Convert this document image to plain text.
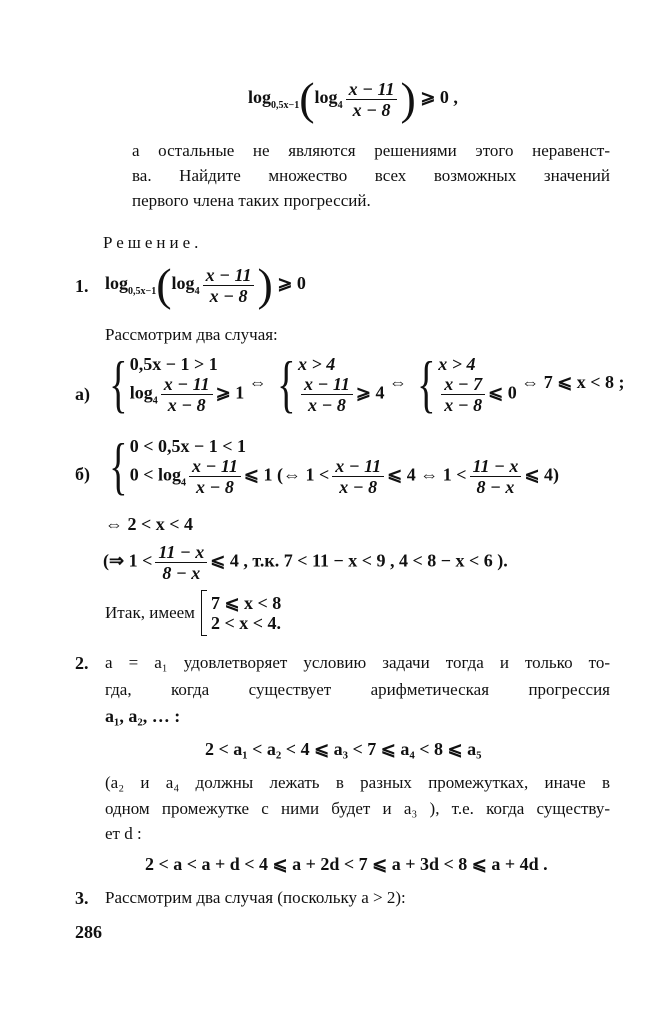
$\log_{0,5x-1}(\log_4 \frac{x - 11}{x - 8}$ ) ⩾ 0 ,
а остальные не являются решениями этого неравенст-
ва. Найдите множество всех возможных значений
первого члена таких прогрессий.
Решение.
1. $\log_{0,5x-1}(\log_4 \frac{x - 11}{x - 8}$ ) ⩾ 0
Рассмотрим два случая:
а) { 0,5x − 1 > 1
$\log_4 \frac{x - 11}{x - 8}$ ⩾ 1 ⇔ { x > 4
$\frac{x - 11}{x - 8}$ ⩾ 4 ⇔ { x > 4
$\frac{x - 7}{x - 8}$ ⩽ 0 ⇔ 7 ⩽ x < 8 ;
б) { 0 < 0,5x − 1 < 1
$0 < \log_4 \frac{x - 11}{x - 8}$ ⩽ 1 (⇔ $1 < \frac{x - 11}{x - 8}$ ⩽ 4 ⇔ $1 < \frac{11 - x}{8 - x}$ ⩽ 4)
⇔ 2 < x < 4
(⇒ $1 < \frac{11 - x}{8 - x}$ ⩽ 4 , т.к. 7 < 11 − x < 9 , 4 < 8 − x < 6 ).
Итак, имеем 7 ⩽ x < 8
2 < x < 4.
2. a = a₁ удовлетворяет условию задачи тогда и только то-
гда, когда существует арифметическая прогрессия
a₁, a₂, … :
2 < a₁ < a₂ < 4 ⩽ a₃ < 7 ⩽ a₄ < 8 ⩽ a₅
(a₂ и a₄ должны лежать в разных промежутках, иначе в
одном промежутке с ними будет и a₃ ), т.е. когда существу-
ет d :
2 < a < a + d < 4 ⩽ a + 2d < 7 ⩽ a + 3d < 8 ⩽ a + 4d .
3. Рассмотрим два случая (поскольку a > 2):
286
